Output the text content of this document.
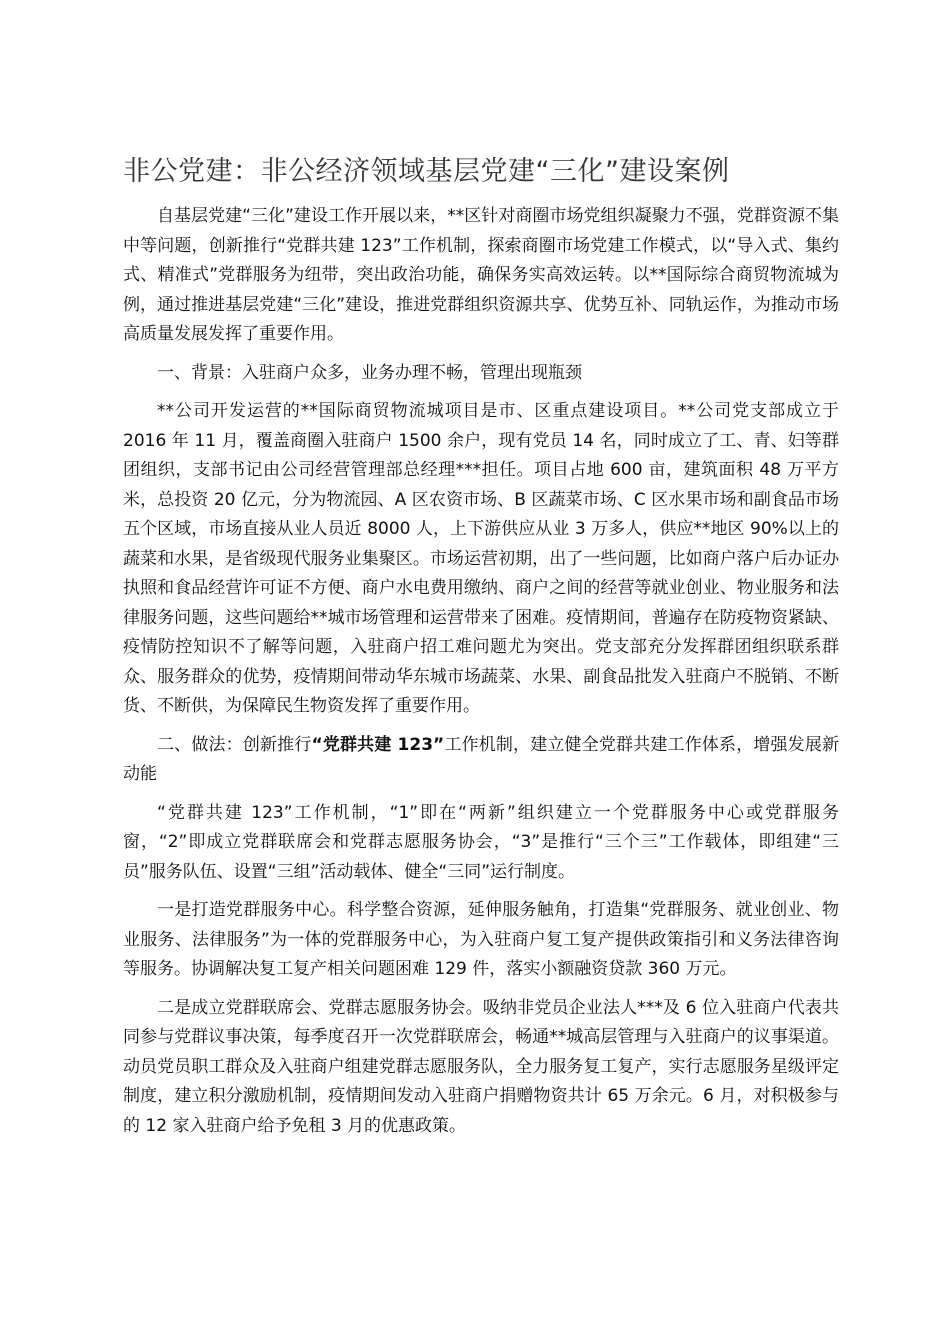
非公党建：非公经济领域基层党建“三化”建设案例

自基层党建“三化”建设工作开展以来，**区针对商圈市场党组织凝聚力不强，党群资源不集中等问题，创新推行“党群共建 123”工作机制，探索商圈市场党建工作模式，以“导入式、集约式、精准式”党群服务为纽带，突出政治功能，确保务实高效运转。以**国际综合商贸物流城为例，通过推进基层党建“三化”建设，推进党群组织资源共享、优势互补、同轨运作，为推动市场高质量发展发挥了重要作用。

一、背景：入驻商户众多，业务办理不畅，管理出现瓶颈

**公司开发运营的**国际商贸物流城项目是市、区重点建设项目。**公司党支部成立于 2016 年 11 月，覆盖商圈入驻商户 1500 余户，现有党员 14 名，同时成立了工、青、妇等群团组织，支部书记由公司经营管理部总经理***担任。项目占地 600 亩，建筑面积 48 万平方米，总投资 20 亿元，分为物流园、A 区农资市场、B 区蔬菜市场、C 区水果市场和副食品市场五个区域，市场直接从业人员近 8000 人，上下游供应从业 3 万多人，供应**地区 90%以上的蔬菜和水果，是省级现代服务业集聚区。市场运营初期，出了一些问题，比如商户落户后办证办执照和食品经营许可证不方便、商户水电费用缴纳、商户之间的经营等就业创业、物业服务和法律服务问题，这些问题给**城市场管理和运营带来了困难。疫情期间，普遍存在防疫物资紧缺、疫情防控知识不了解等问题，入驻商户招工难问题尤为突出。党支部充分发挥群团组织联系群众、服务群众的优势，疫情期间带动华东城市场蔬菜、水果、副食品批发入驻商户不脱销、不断货、不断供，为保障民生物资发挥了重要作用。

二、做法：创新推行“党群共建 123”工作机制，建立健全党群共建工作体系，增强发展新动能

“党群共建 123”工作机制，“1”即在“两新”组织建立一个党群服务中心或党群服务窗，“2”即成立党群联席会和党群志愿服务协会，“3”是推行“三个三”工作载体，即组建“三员”服务队伍、设置“三组”活动载体、健全“三同”运行制度。

一是打造党群服务中心。科学整合资源，延伸服务触角，打造集“党群服务、就业创业、物业服务、法律服务”为一体的党群服务中心，为入驻商户复工复产提供政策指引和义务法律咨询等服务。协调解决复工复产相关问题困难 129 件，落实小额融资贷款 360 万元。

二是成立党群联席会、党群志愿服务协会。吸纳非党员企业法人***及 6 位入驻商户代表共同参与党群议事决策，每季度召开一次党群联席会，畅通**城高层管理与入驻商户的议事渠道。动员党员职工群众及入驻商户组建党群志愿服务队，全力服务复工复产，实行志愿服务星级评定制度，建立积分激励机制，疫情期间发动入驻商户捐赠物资共计 65 万余元。6 月，对积极参与的 12 家入驻商户给予免租 3 月的优惠政策。
